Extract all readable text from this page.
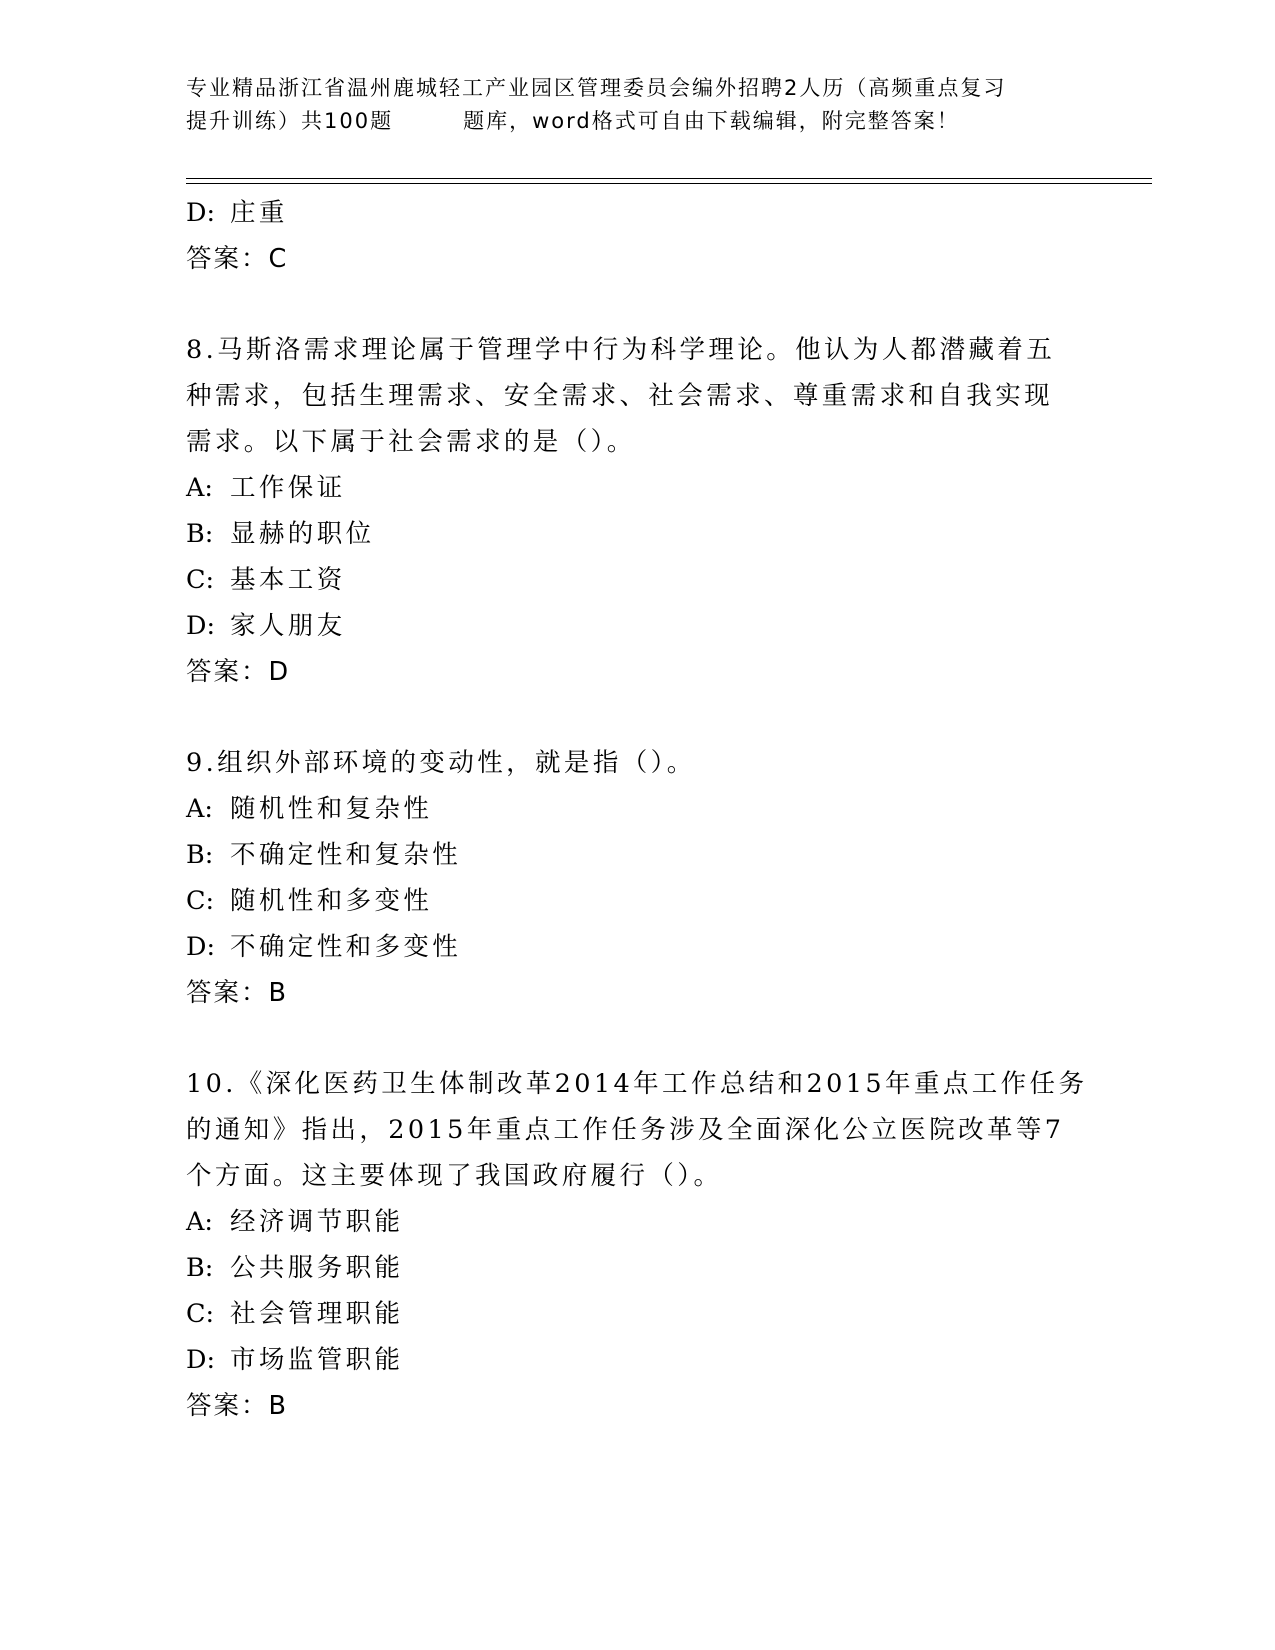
专业精品浙江省温州鹿城轻工产业园区管理委员会编外招聘2人历（高频重点复习
提升训练）共100题	题库，word格式可自由下载编辑，附完整答案！
D: 庄重
答案：C
8.马斯洛需求理论属于管理学中行为科学理论。他认为人都潜藏着五
种需求，包括生理需求、安全需求、社会需求、尊重需求和自我实现
需求。以下属于社会需求的是（）。
A: 工作保证
B: 显赫的职位
C: 基本工资
D: 家人朋友
答案：D
9.组织外部环境的变动性，就是指（）。
A: 随机性和复杂性
B: 不确定性和复杂性
C: 随机性和多变性
D: 不确定性和多变性
答案：B
10.《深化医药卫生体制改革2014年工作总结和2015年重点工作任务
的通知》指出，2015年重点工作任务涉及全面深化公立医院改革等7
个方面。这主要体现了我国政府履行（）。
A: 经济调节职能
B: 公共服务职能
C: 社会管理职能
D: 市场监管职能
答案：B
